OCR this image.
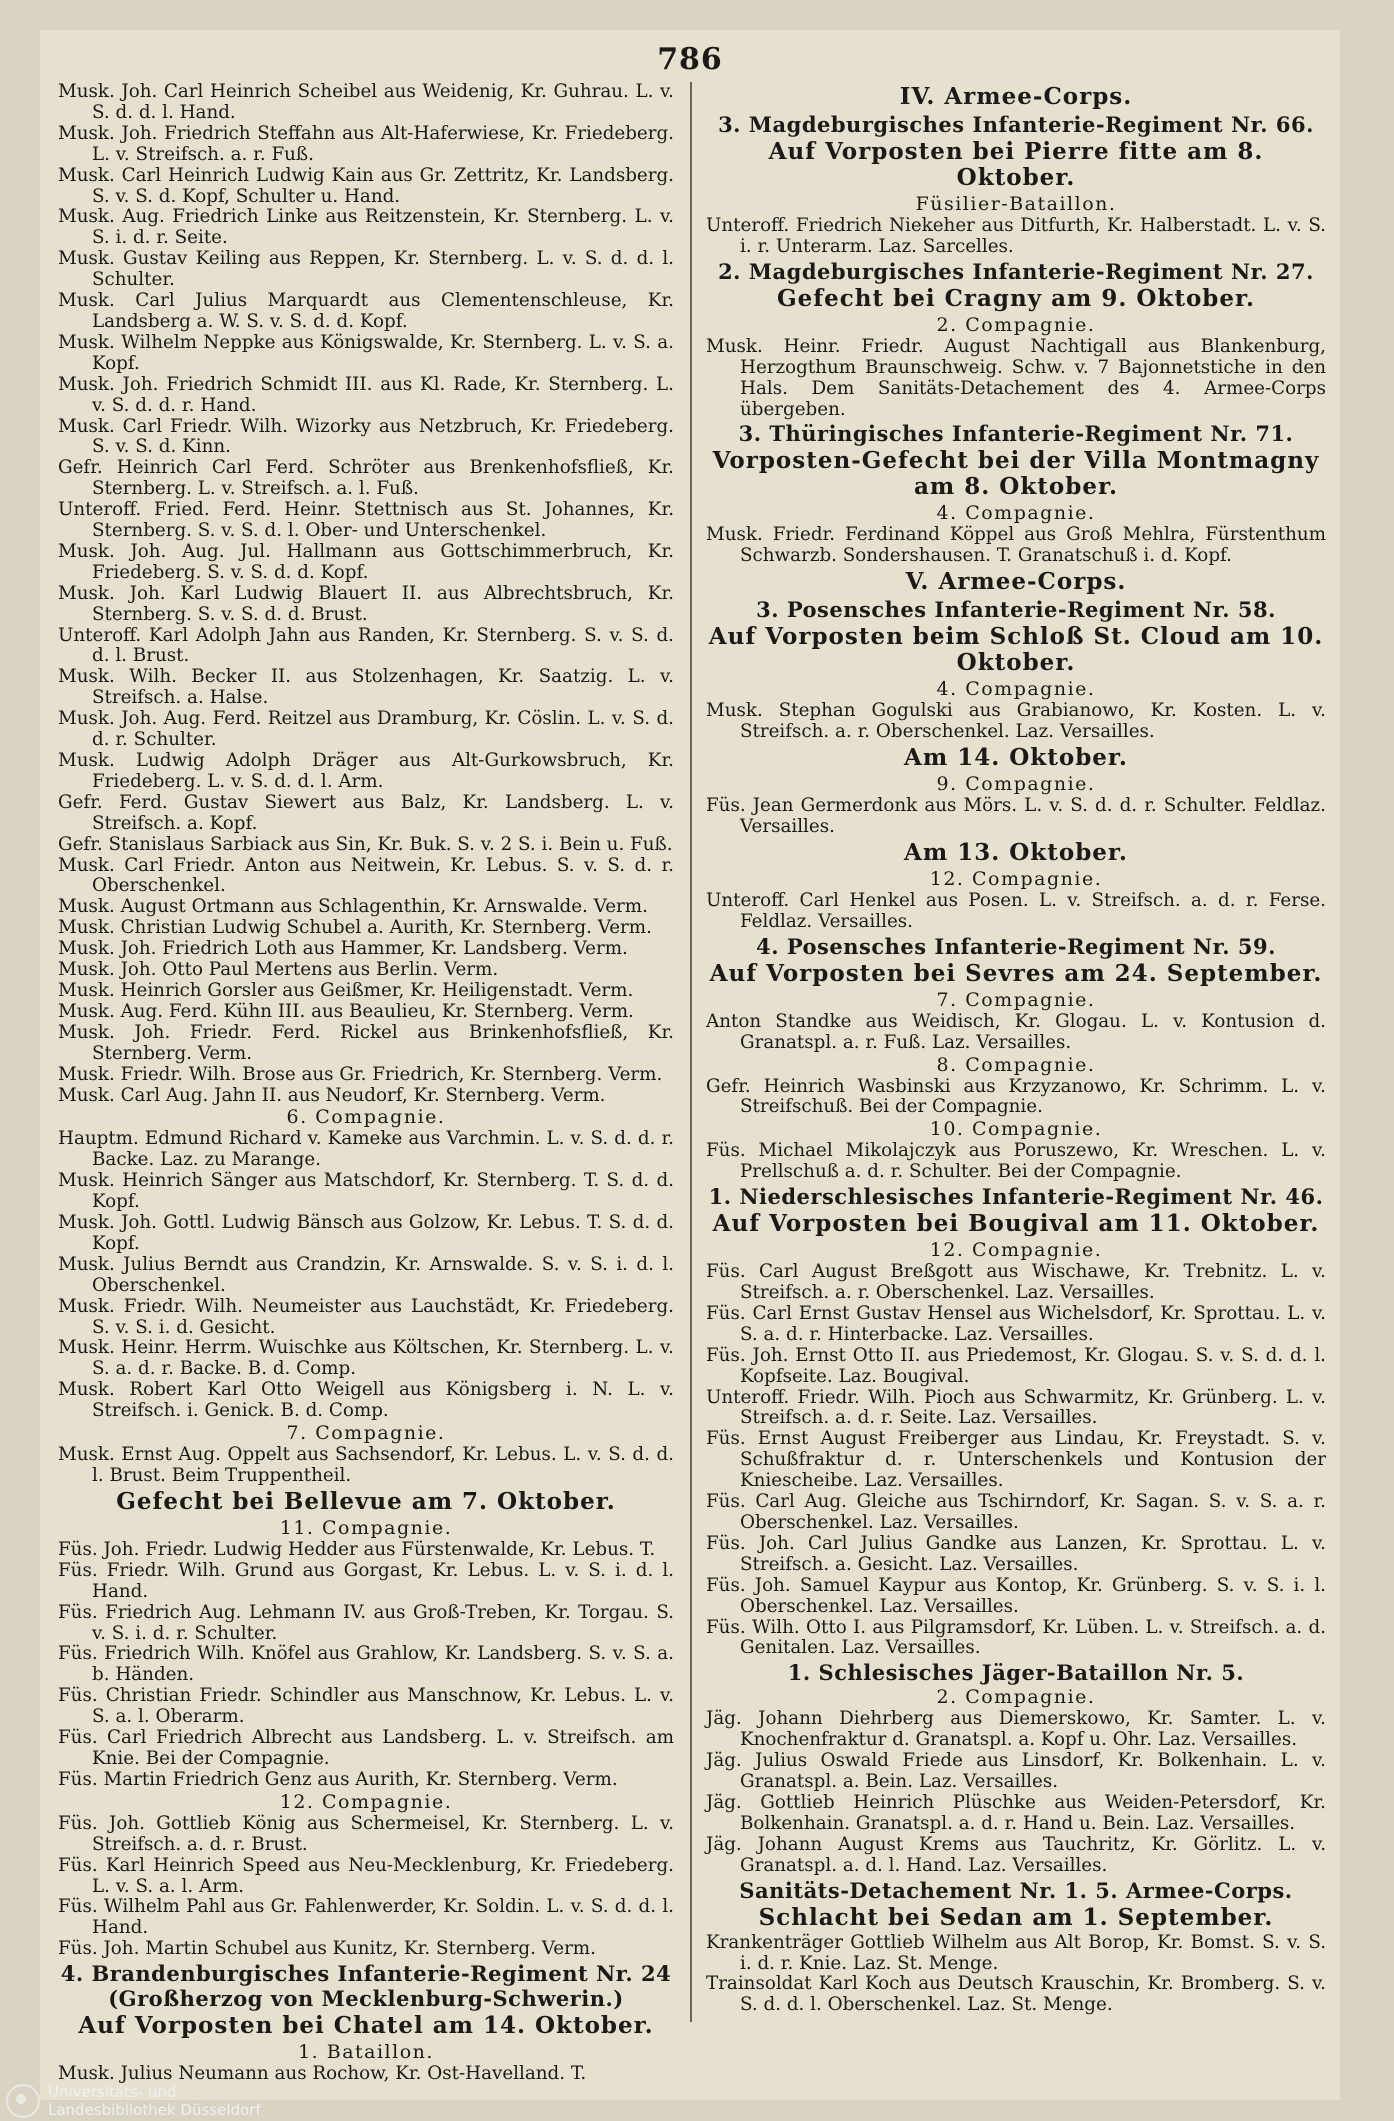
786

Musk. Joh. Carl Heinrich Scheibel aus Weidenig, Kr. Guhrau. L. v. S. d. d. l. Hand.

Musk. Joh. Friedrich Steffahn aus Alt-Haferwiese, Kr. Friedeberg. L. v. Streifsch. a. r. Fuß.

Musk. Carl Heinrich Ludwig Kain aus Gr. Zettritz, Kr. Landsberg. S. v. S. d. Kopf, Schulter u. Hand.

Musk. Aug. Friedrich Linke aus Reitzenstein, Kr. Sternberg. L. v. S. i. d. r. Seite.

Musk. Gustav Keiling aus Reppen, Kr. Sternberg. L. v. S. d. d. l. Schulter.

Musk. Carl Julius Marquardt aus Clementenschleuse, Kr. Landsberg a. W. S. v. S. d. d. Kopf.

Musk. Wilhelm Neppke aus Königswalde, Kr. Sternberg. L. v. S. a. Kopf.

Musk. Joh. Friedrich Schmidt III. aus Kl. Rade, Kr. Sternberg. L. v. S. d. d. r. Hand.

Musk. Carl Friedr. Wilh. Wizorky aus Netzbruch, Kr. Friedeberg. S. v. S. d. Kinn.

Gefr. Heinrich Carl Ferd. Schröter aus Brenkenhofsfließ, Kr. Sternberg. L. v. Streifsch. a. l. Fuß.

Unteroff. Fried. Ferd. Heinr. Stettnisch aus St. Johannes, Kr. Sternberg. S. v. S. d. l. Ober- und Unterschenkel.

Musk. Joh. Aug. Jul. Hallmann aus Gottschimmerbruch, Kr. Friedeberg. S. v. S. d. d. Kopf.

Musk. Joh. Karl Ludwig Blauert II. aus Albrechtsbruch, Kr. Sternberg. S. v. S. d. d. Brust.

Unteroff. Karl Adolph Jahn aus Randen, Kr. Sternberg. S. v. S. d. d. l. Brust.

Musk. Wilh. Becker II. aus Stolzenhagen, Kr. Saatzig. L. v. Streifsch. a. Halse.

Musk. Joh. Aug. Ferd. Reitzel aus Dramburg, Kr. Cöslin. L. v. S. d. d. r. Schulter.

Musk. Ludwig Adolph Dräger aus Alt-Gurkowsbruch, Kr. Friedeberg. L. v. S. d. d. l. Arm.

Gefr. Ferd. Gustav Siewert aus Balz, Kr. Landsberg. L. v. Streifsch. a. Kopf.

Gefr. Stanislaus Sarbiack aus Sin, Kr. Buk. S. v. 2 S. i. Bein u. Fuß.

Musk. Carl Friedr. Anton aus Neitwein, Kr. Lebus. S. v. S. d. r. Oberschenkel.

Musk. August Ortmann aus Schlagenthin, Kr. Arnswalde. Verm.

Musk. Christian Ludwig Schubel a. Aurith, Kr. Sternberg. Verm.

Musk. Joh. Friedrich Loth aus Hammer, Kr. Landsberg. Verm.

Musk. Joh. Otto Paul Mertens aus Berlin. Verm.

Musk. Heinrich Gorsler aus Geißmer, Kr. Heiligenstadt. Verm.

Musk. Aug. Ferd. Kühn III. aus Beaulieu, Kr. Sternberg. Verm.

Musk. Joh. Friedr. Ferd. Rickel aus Brinkenhofsfließ, Kr. Sternberg. Verm.

Musk. Friedr. Wilh. Brose aus Gr. Friedrich, Kr. Sternberg. Verm.

Musk. Carl Aug. Jahn II. aus Neudorf, Kr. Sternberg. Verm.

6. Compagnie.

Hauptm. Edmund Richard v. Kameke aus Varchmin. L. v. S. d. d. r. Backe. Laz. zu Marange.

Musk. Heinrich Sänger aus Matschdorf, Kr. Sternberg. T. S. d. d. Kopf.

Musk. Joh. Gottl. Ludwig Bänsch aus Golzow, Kr. Lebus. T. S. d. d. Kopf.

Musk. Julius Berndt aus Crandzin, Kr. Arnswalde. S. v. S. i. d. l. Oberschenkel.

Musk. Friedr. Wilh. Neumeister aus Lauchstädt, Kr. Friedeberg. S. v. S. i. d. Gesicht.

Musk. Heinr. Herrm. Wuischke aus Költschen, Kr. Sternberg. L. v. S. a. d. r. Backe. B. d. Comp.

Musk. Robert Karl Otto Weigell aus Königsberg i. N. L. v. Streifsch. i. Genick. B. d. Comp.

7. Compagnie.

Musk. Ernst Aug. Oppelt aus Sachsendorf, Kr. Lebus. L. v. S. d. d. l. Brust. Beim Truppentheil.

Gefecht bei Bellevue am 7. Oktober.

11. Compagnie.

Füs. Joh. Friedr. Ludwig Hedder aus Fürstenwalde, Kr. Lebus. T.

Füs. Friedr. Wilh. Grund aus Gorgast, Kr. Lebus. L. v. S. i. d. l. Hand.

Füs. Friedrich Aug. Lehmann IV. aus Groß-Treben, Kr. Torgau. S. v. S. i. d. r. Schulter.

Füs. Friedrich Wilh. Knöfel aus Grahlow, Kr. Landsberg. S. v. S. a. b. Händen.

Füs. Christian Friedr. Schindler aus Manschnow, Kr. Lebus. L. v. S. a. l. Oberarm.

Füs. Carl Friedrich Albrecht aus Landsberg. L. v. Streifsch. am Knie. Bei der Compagnie.

Füs. Martin Friedrich Genz aus Aurith, Kr. Sternberg. Verm.

12. Compagnie.

Füs. Joh. Gottlieb König aus Schermeisel, Kr. Sternberg. L. v. Streifsch. a. d. r. Brust.

Füs. Karl Heinrich Speed aus Neu-Mecklenburg, Kr. Friedeberg. L. v. S. a. l. Arm.

Füs. Wilhelm Pahl aus Gr. Fahlenwerder, Kr. Soldin. L. v. S. d. d. l. Hand.

Füs. Joh. Martin Schubel aus Kunitz, Kr. Sternberg. Verm.

4. Brandenburgisches Infanterie-Regiment Nr. 24 (Großherzog von Mecklenburg-Schwerin.)

Auf Vorposten bei Chatel am 14. Oktober.

1. Bataillon.

Musk. Julius Neumann aus Rochow, Kr. Ost-Havelland. T.

IV. Armee-Corps.

3. Magdeburgisches Infanterie-Regiment Nr. 66.

Auf Vorposten bei Pierre fitte am 8. Oktober.

Füsilier-Bataillon.

Unteroff. Friedrich Niekeher aus Ditfurth, Kr. Halberstadt. L. v. S. i. r. Unterarm. Laz. Sarcelles.

2. Magdeburgisches Infanterie-Regiment Nr. 27.

Gefecht bei Cragny am 9. Oktober.

2. Compagnie.

Musk. Heinr. Friedr. August Nachtigall aus Blankenburg, Herzogthum Braunschweig. Schw. v. 7 Bajonnetstiche in den Hals. Dem Sanitäts-Detachement des 4. Armee-Corps übergeben.

3. Thüringisches Infanterie-Regiment Nr. 71.

Vorposten-Gefecht bei der Villa Montmagny am 8. Oktober.

4. Compagnie.

Musk. Friedr. Ferdinand Köppel aus Groß Mehlra, Fürstenthum Schwarzb. Sondershausen. T. Granatschuß i. d. Kopf.

V. Armee-Corps.

3. Posensches Infanterie-Regiment Nr. 58.

Auf Vorposten beim Schloß St. Cloud am 10. Oktober.

4. Compagnie.

Musk. Stephan Gogulski aus Grabianowo, Kr. Kosten. L. v. Streifsch. a. r. Oberschenkel. Laz. Versailles.

Am 14. Oktober.

9. Compagnie.

Füs. Jean Germerdonk aus Mörs. L. v. S. d. d. r. Schulter. Feldlaz. Versailles.

Am 13. Oktober.

12. Compagnie.

Unteroff. Carl Henkel aus Posen. L. v. Streifsch. a. d. r. Ferse. Feldlaz. Versailles.

4. Posensches Infanterie-Regiment Nr. 59.

Auf Vorposten bei Sevres am 24. September.

7. Compagnie.

Anton Standke aus Weidisch, Kr. Glogau. L. v. Kontusion d. Granatspl. a. r. Fuß. Laz. Versailles.

8. Compagnie.

Gefr. Heinrich Wasbinski aus Krzyzanowo, Kr. Schrimm. L. v. Streifschuß. Bei der Compagnie.

10. Compagnie.

Füs. Michael Mikolajczyk aus Poruszewo, Kr. Wreschen. L. v. Prellschuß a. d. r. Schulter. Bei der Compagnie.

1. Niederschlesisches Infanterie-Regiment Nr. 46.

Auf Vorposten bei Bougival am 11. Oktober.

12. Compagnie.

Füs. Carl August Breßgott aus Wischawe, Kr. Trebnitz. L. v. Streifsch. a. r. Oberschenkel. Laz. Versailles.

Füs. Carl Ernst Gustav Hensel aus Wichelsdorf, Kr. Sprottau. L. v. S. a. d. r. Hinterbacke. Laz. Versailles.

Füs. Joh. Ernst Otto II. aus Priedemost, Kr. Glogau. S. v. S. d. d. l. Kopfseite. Laz. Bougival.

Unteroff. Friedr. Wilh. Pioch aus Schwarmitz, Kr. Grünberg. L. v. Streifsch. a. d. r. Seite. Laz. Versailles.

Füs. Ernst August Freiberger aus Lindau, Kr. Freystadt. S. v. Schußfraktur d. r. Unterschenkels und Kontusion der Kniescheibe. Laz. Versailles.

Füs. Carl Aug. Gleiche aus Tschirndorf, Kr. Sagan. S. v. S. a. r. Oberschenkel. Laz. Versailles.

Füs. Joh. Carl Julius Gandke aus Lanzen, Kr. Sprottau. L. v. Streifsch. a. Gesicht. Laz. Versailles.

Füs. Joh. Samuel Kaypur aus Kontop, Kr. Grünberg. S. v. S. i. l. Oberschenkel. Laz. Versailles.

Füs. Wilh. Otto I. aus Pilgramsdorf, Kr. Lüben. L. v. Streifsch. a. d. Genitalen. Laz. Versailles.

1. Schlesisches Jäger-Bataillon Nr. 5.

2. Compagnie.

Jäg. Johann Diehrberg aus Diemerskowo, Kr. Samter. L. v. Knochenfraktur d. Granatspl. a. Kopf u. Ohr. Laz. Versailles.

Jäg. Julius Oswald Friede aus Linsdorf, Kr. Bolkenhain. L. v. Granatspl. a. Bein. Laz. Versailles.

Jäg. Gottlieb Heinrich Plüschke aus Weiden-Petersdorf, Kr. Bolkenhain. Granatspl. a. d. r. Hand u. Bein. Laz. Versailles.

Jäg. Johann August Krems aus Tauchritz, Kr. Görlitz. L. v. Granatspl. a. d. l. Hand. Laz. Versailles.

Sanitäts-Detachement Nr. 1. 5. Armee-Corps.

Schlacht bei Sedan am 1. September.

Krankenträger Gottlieb Wilhelm aus Alt Borop, Kr. Bomst. S. v. S. i. d. r. Knie. Laz. St. Menge.

Trainsoldat Karl Koch aus Deutsch Krauschin, Kr. Bromberg. S. v. S. d. d. l. Oberschenkel. Laz. St. Menge.

Universitäts- und
Landesbibliothek Düsseldorf
